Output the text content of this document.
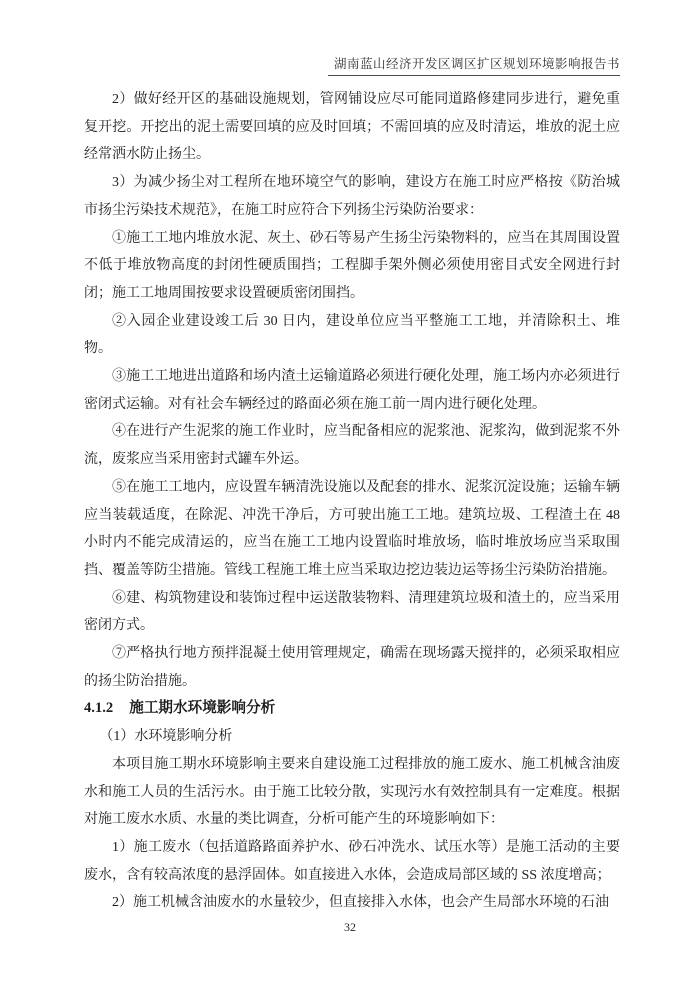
湖南蓝山经济开发区调区扩区规划环境影响报告书

2）做好经开区的基础设施规划，管网铺设应尽可能同道路修建同步进行，避免重复开挖。开挖出的泥土需要回填的应及时回填；不需回填的应及时清运，堆放的泥土应经常洒水防止扬尘。

3）为减少扬尘对工程所在地环境空气的影响，建设方在施工时应严格按《防治城市扬尘污染技术规范》，在施工时应符合下列扬尘污染防治要求：

①施工工地内堆放水泥、灰土、砂石等易产生扬尘污染物料的，应当在其周围设置不低于堆放物高度的封闭性硬质围挡；工程脚手架外侧必须使用密目式安全网进行封闭；施工工地周围按要求设置硬质密闭围挡。

②入园企业建设竣工后 30 日内，建设单位应当平整施工工地，并清除积土、堆物。

③施工工地进出道路和场内渣土运输道路必须进行硬化处理，施工场内亦必须进行密闭式运输。对有社会车辆经过的路面必须在施工前一周内进行硬化处理。

④在进行产生泥浆的施工作业时，应当配备相应的泥浆池、泥浆沟，做到泥浆不外流，废浆应当采用密封式罐车外运。

⑤在施工工地内，应设置车辆清洗设施以及配套的排水、泥浆沉淀设施；运输车辆应当装载适度，在除泥、冲洗干净后，方可驶出施工工地。建筑垃圾、工程渣土在 48 小时内不能完成清运的，应当在施工工地内设置临时堆放场，临时堆放场应当采取围挡、覆盖等防尘措施。管线工程施工堆土应当采取边挖边装边运等扬尘污染防治措施。

⑥建、构筑物建设和装饰过程中运送散装物料、清理建筑垃圾和渣土的，应当采用密闭方式。

⑦严格执行地方预拌混凝土使用管理规定，确需在现场露天搅拌的，必须采取相应的扬尘防治措施。

4.1.2 施工期水环境影响分析

（1）水环境影响分析

本项目施工期水环境影响主要来自建设施工过程排放的施工废水、施工机械含油废水和施工人员的生活污水。由于施工比较分散，实现污水有效控制具有一定难度。根据对施工废水水质、水量的类比调查，分析可能产生的环境影响如下：

1）施工废水（包括道路路面养护水、砂石冲洗水、试压水等）是施工活动的主要废水，含有较高浓度的悬浮固体。如直接进入水体，会造成局部区域的 SS 浓度增高；

2）施工机械含油废水的水量较少，但直接排入水体，也会产生局部水环境的石油

32
